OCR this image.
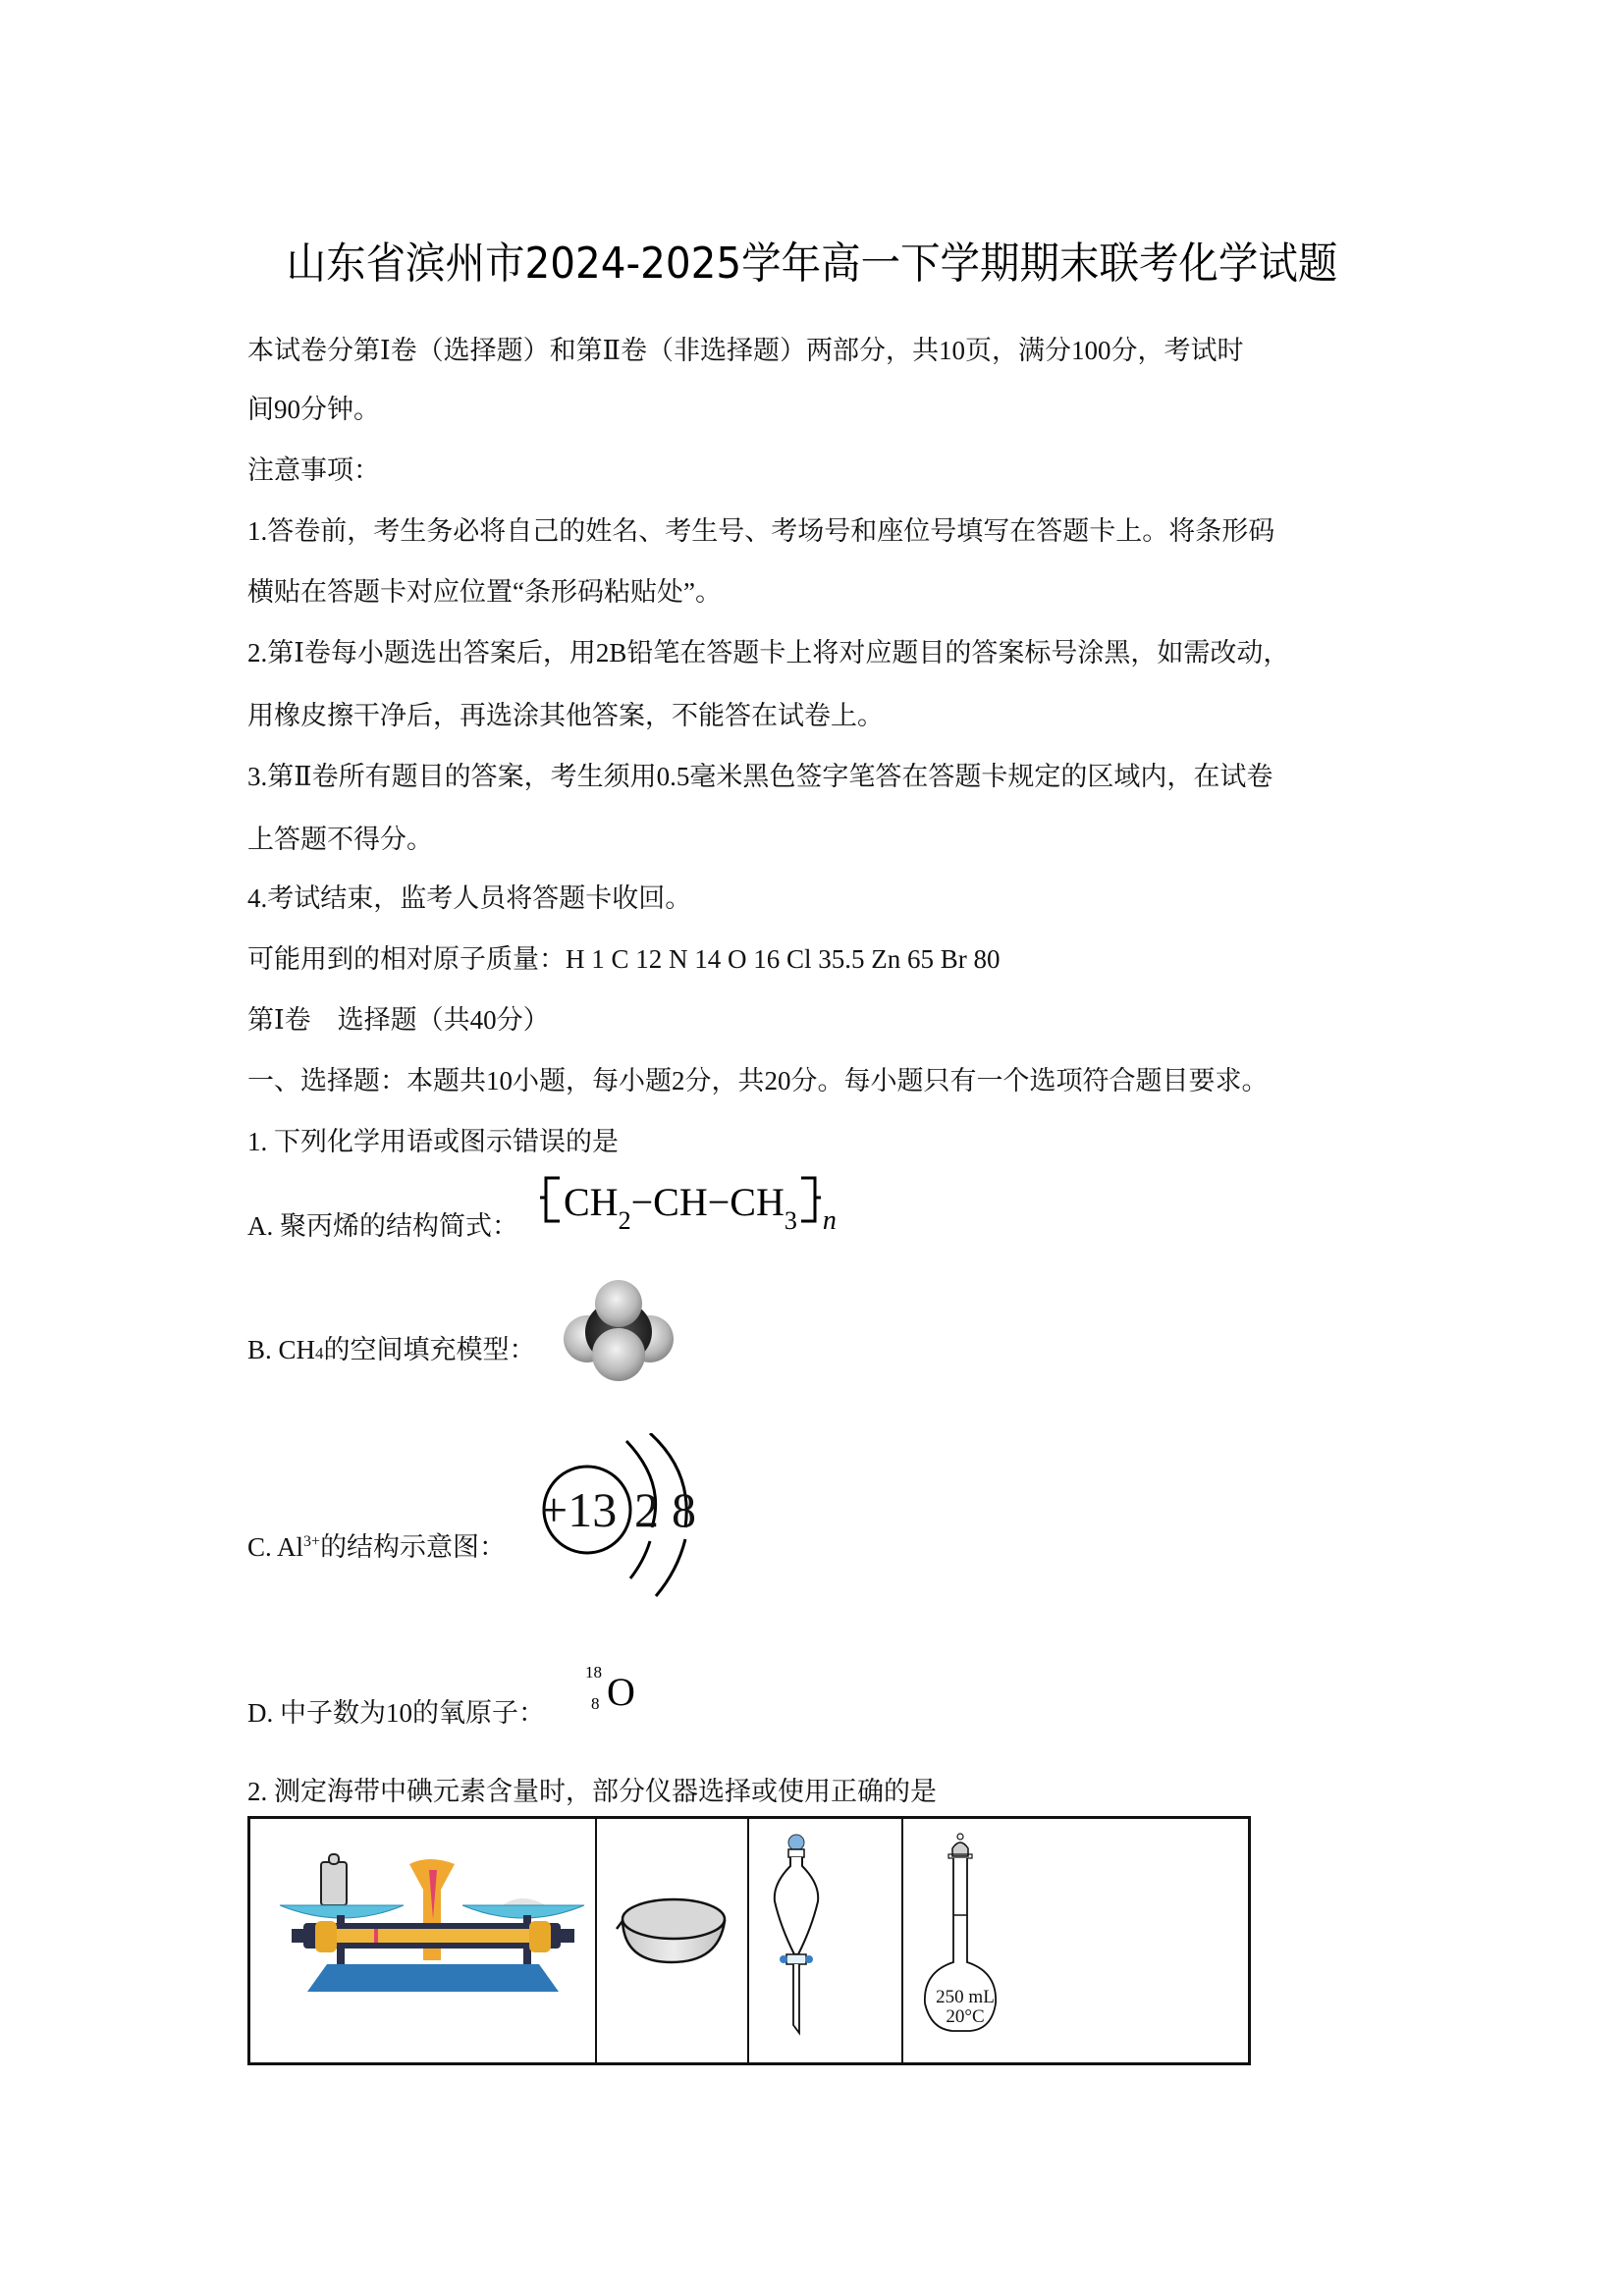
山东省滨州市2024-2025学年高一下学期期末联考化学试题
本试卷分第Ⅰ卷（选择题）和第Ⅱ卷（非选择题）两部分，共10页，满分100分，考试时
间90分钟。
注意事项：
1.答卷前，考生务必将自己的姓名、考生号、考场号和座位号填写在答题卡上。将条形码
横贴在答题卡对应位置“条形码粘贴处”。
2.第Ⅰ卷每小题选出答案后，用2B铅笔在答题卡上将对应题目的答案标号涂黑，如需改动，
用橡皮擦干净后，再选涂其他答案，不能答在试卷上。
3.第Ⅱ卷所有题目的答案，考生须用0.5毫米黑色签字笔答在答题卡规定的区域内，在试卷
上答题不得分。
4.考试结束，监考人员将答题卡收回。
可能用到的相对原子质量：H 1 C 12 N 14 O 16 Cl 35.5 Zn 65 Br 80
第Ⅰ卷　选择题（共40分）
一、选择题：本题共10小题，每小题2分，共20分。每小题只有一个选项符合题目要求。
1. 下列化学用语或图示错误的是
A. 聚丙烯的结构简式：
$CH_2-CH-CH_3$ $_n$
B. CH4的空间填充模型：
C. $Al^{3+}$的结构示意图：
+13 2 8
D. 中子数为10的氧原子：
18
8 O
2. 测定海带中碘元素含量时，部分仪器选择或使用正确的是
250 mL
20°C
